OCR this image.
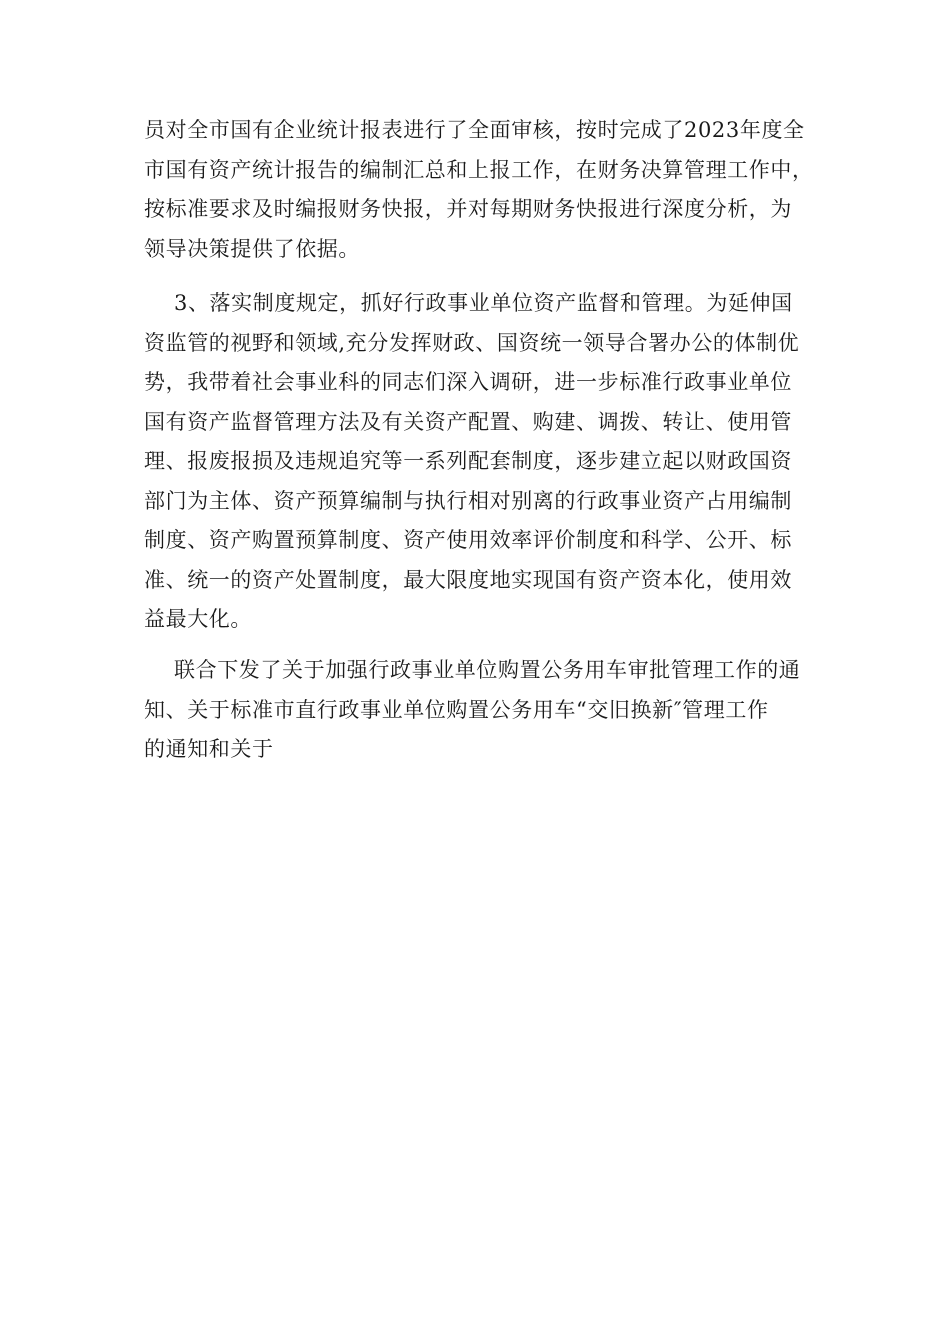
员对全市国有企业统计报表进行了全面审核，按时完成了2023年度全
市国有资产统计报告的编制汇总和上报工作，在财务决算管理工作中，
按标准要求及时编报财务快报，并对每期财务快报进行深度分析，为
领导决策提供了依据。
3、落实制度规定，抓好行政事业单位资产监督和管理。为延伸国
资监管的视野和领域,充分发挥财政、国资统一领导合署办公的体制优
势，我带着社会事业科的同志们深入调研，进一步标准行政事业单位
国有资产监督管理方法及有关资产配置、购建、调拨、转让、使用管
理、报废报损及违规追究等一系列配套制度，逐步建立起以财政国资
部门为主体、资产预算编制与执行相对别离的行政事业资产占用编制
制度、资产购置预算制度、资产使用效率评价制度和科学、公开、标
准、统一的资产处置制度，最大限度地实现国有资产资本化，使用效
益最大化。
联合下发了关于加强行政事业单位购置公务用车审批管理工作的通
知、关于标准市直行政事业单位购置公务用车“交旧换新″管理工作
的通知和关于
